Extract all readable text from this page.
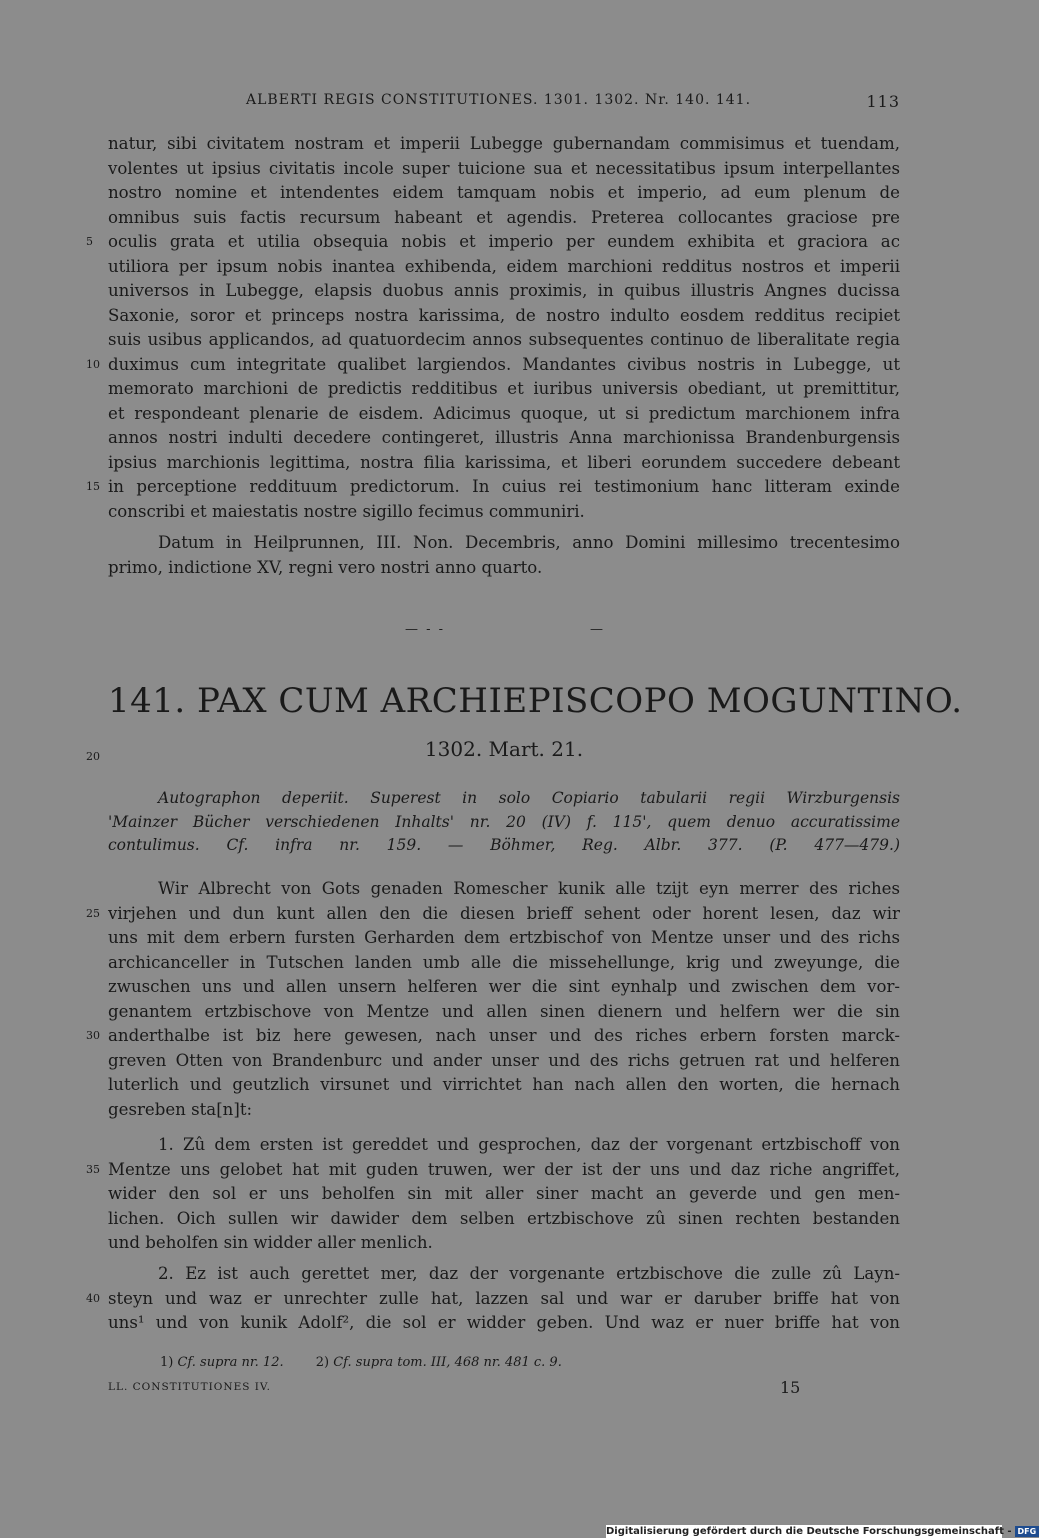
ALBERTI REGIS CONSTITUTIONES. 1301. 1302. Nr. 140. 141.	113
natur, sibi civitatem nostram et imperii Lubegge gubernandam commisimus et tuendam,
volentes ut ipsius civitatis incole super tuicione sua et necessitatibus ipsum interpellantes
nostro nomine et intendentes eidem tamquam nobis et imperio, ad eum plenum de
omnibus suis factis recursum habeant et agendis. Preterea collocantes graciose pre
5 oculis grata et utilia obsequia nobis et imperio per eundem exhibita et graciora ac
utiliora per ipsum nobis inantea exhibenda, eidem marchioni redditus nostros et imperii
universos in Lubegge, elapsis duobus annis proximis, in quibus illustris Angnes ducissa
Saxonie, soror et princeps nostra karissima, de nostro indulto eosdem redditus recipiet
suis usibus applicandos, ad quatuordecim annos subsequentes continuo de liberalitate regia
10 duximus cum integritate qualibet largiendos. Mandantes civibus nostris in Lubegge, ut
memorato marchioni de predictis redditibus et iuribus universis obediant, ut premittitur,
et respondeant plenarie de eisdem. Adicimus quoque, ut si predictum marchionem infra
annos nostri indulti decedere contingeret, illustris Anna marchionissa Brandenburgensis
ipsius marchionis legittima, nostra filia karissima, et liberi eorundem succedere debeant
15 in perceptione reddituum predictorum. In cuius rei testimonium hanc litteram exinde
conscribi et maiestatis nostre sigillo fecimus communiri.
Datum in Heilprunnen, III. Non. Decembris, anno Domini millesimo trecentesimo
primo, indictione XV, regni vero nostri anno quarto.
— - -	—
141. PAX CUM ARCHIEPISCOPO MOGUNTINO.
20	1302. Mart. 21.
Autographon deperiit. Superest in solo Copiario tabularii regii Wirzburgensis
'Mainzer Bücher verschiedenen Inhalts' nr. 20 (IV) f. 115', quem denuo accuratissime
contulimus. Cf. infra nr. 159. — Böhmer, Reg. Albr. 377. (P. 477—479.)
Wir Albrecht von Gots genaden Romescher kunik alle tzijt eyn merrer des riches
25 virjehen und dun kunt allen den die diesen brieff sehent oder horent lesen, daz wir
uns mit dem erbern fursten Gerharden dem ertzbischof von Mentze unser und des richs
archicanceller in Tutschen landen umb alle die missehellunge, krig und zweyunge, die
zwuschen uns und allen unsern helferen wer die sint eynhalp und zwischen dem vor-
genantem ertzbischove von Mentze und allen sinen dienern und helfern wer die sin
30 anderthalbe ist biz here gewesen, nach unser und des riches erbern forsten marck-
greven Otten von Brandenburc und ander unser und des richs getruen rat und helferen
luterlich und geutzlich virsunet und virrichtet han nach allen den worten, die hernach
gesreben sta[n]t:
1. Zû dem ersten ist gereddet und gesprochen, daz der vorgenant ertzbischoff von
35 Mentze uns gelobet hat mit guden truwen, wer der ist der uns und daz riche angriffet,
wider den sol er uns beholfen sin mit aller siner macht an geverde und gen men-
lichen. Oich sullen wir dawider dem selben ertzbischove zû sinen rechten bestanden
und beholfen sin widder aller menlich.
2. Ez ist auch gerettet mer, daz der vorgenante ertzbischove die zulle zû Layn-
40 steyn und waz er unrechter zulle hat, lazzen sal und war er daruber briffe hat von
uns¹ und von kunik Adolf², die sol er widder geben. Und waz er nuer briffe hat von
1) Cf. supra nr. 12. 2) Cf. supra tom. III, 468 nr. 481 c. 9.
LL. CONSTITUTIONES IV.	15
Digitalisierung gefördert durch die Deutsche Forschungsgemeinschaft - DFG
